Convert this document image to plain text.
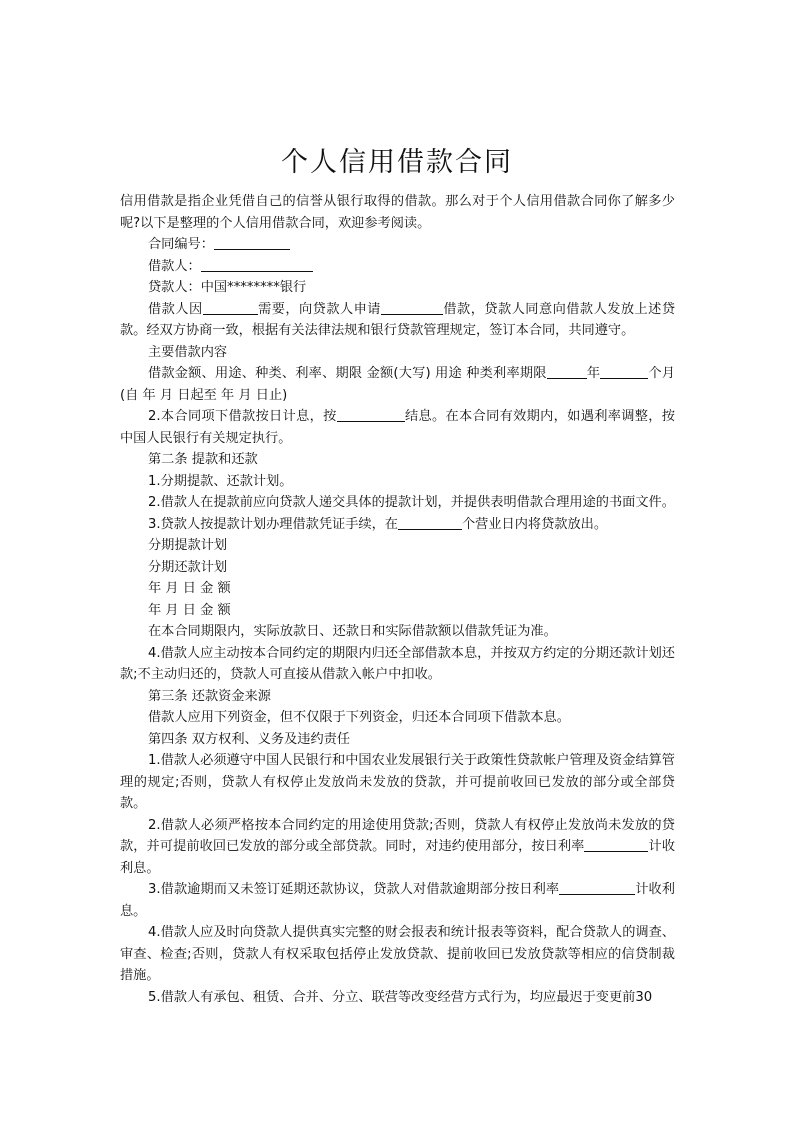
个人信用借款合同

信用借款是指企业凭借自己的信誉从银行取得的借款。那么对于个人信用借款合同你了解多少呢?以下是整理的个人信用借款合同，欢迎参考阅读。

合同编号：

借款人：

贷款人：中国********银行

借款人因	需要，向贷款人申请	借款，贷款人同意向借款人发放上述贷款。经双方协商一致，根据有关法律法规和银行贷款管理规定，签订本合同，共同遵守。

主要借款内容

借款金额、用途、种类、利率、期限 金额(大写) 用途 种类利率期限	年	个月(自 年 月 日起至 年 月 日止)

2.本合同项下借款按日计息，按	结息。在本合同有效期内，如遇利率调整，按中国人民银行有关规定执行。

第二条 提款和还款

1.分期提款、还款计划。

2.借款人在提款前应向贷款人递交具体的提款计划，并提供表明借款合理用途的书面文件。

3.贷款人按提款计划办理借款凭证手续，在	个营业日内将贷款放出。

分期提款计划

分期还款计划

年 月 日 金 额

年 月 日 金 额

在本合同期限内，实际放款日、还款日和实际借款额以借款凭证为准。

4.借款人应主动按本合同约定的期限内归还全部借款本息，并按双方约定的分期还款计划还款;不主动归还的，贷款人可直接从借款入帐户中扣收。

第三条 还款资金来源

借款人应用下列资金，但不仅限于下列资金，归还本合同项下借款本息。

第四条 双方权利、义务及违约责任

1.借款人必须遵守中国人民银行和中国农业发展银行关于政策性贷款帐户管理及资金结算管理的规定;否则，贷款人有权停止发放尚未发放的贷款，并可提前收回已发放的部分或全部贷款。

2.借款人必须严格按本合同约定的用途使用贷款;否则，贷款人有权停止发放尚未发放的贷款，并可提前收回已发放的部分或全部贷款。同时，对违约使用部分，按日利率	计收利息。

3.借款逾期而又未签订延期还款协议，贷款人对借款逾期部分按日利率	计收利息。

4.借款人应及时向贷款人提供真实完整的财会报表和统计报表等资料，配合贷款人的调查、审查、检查;否则，贷款人有权采取包括停止发放贷款、提前收回已发放贷款等相应的信贷制裁措施。

5.借款人有承包、租赁、合并、分立、联营等改变经营方式行为，均应最迟于变更前30
